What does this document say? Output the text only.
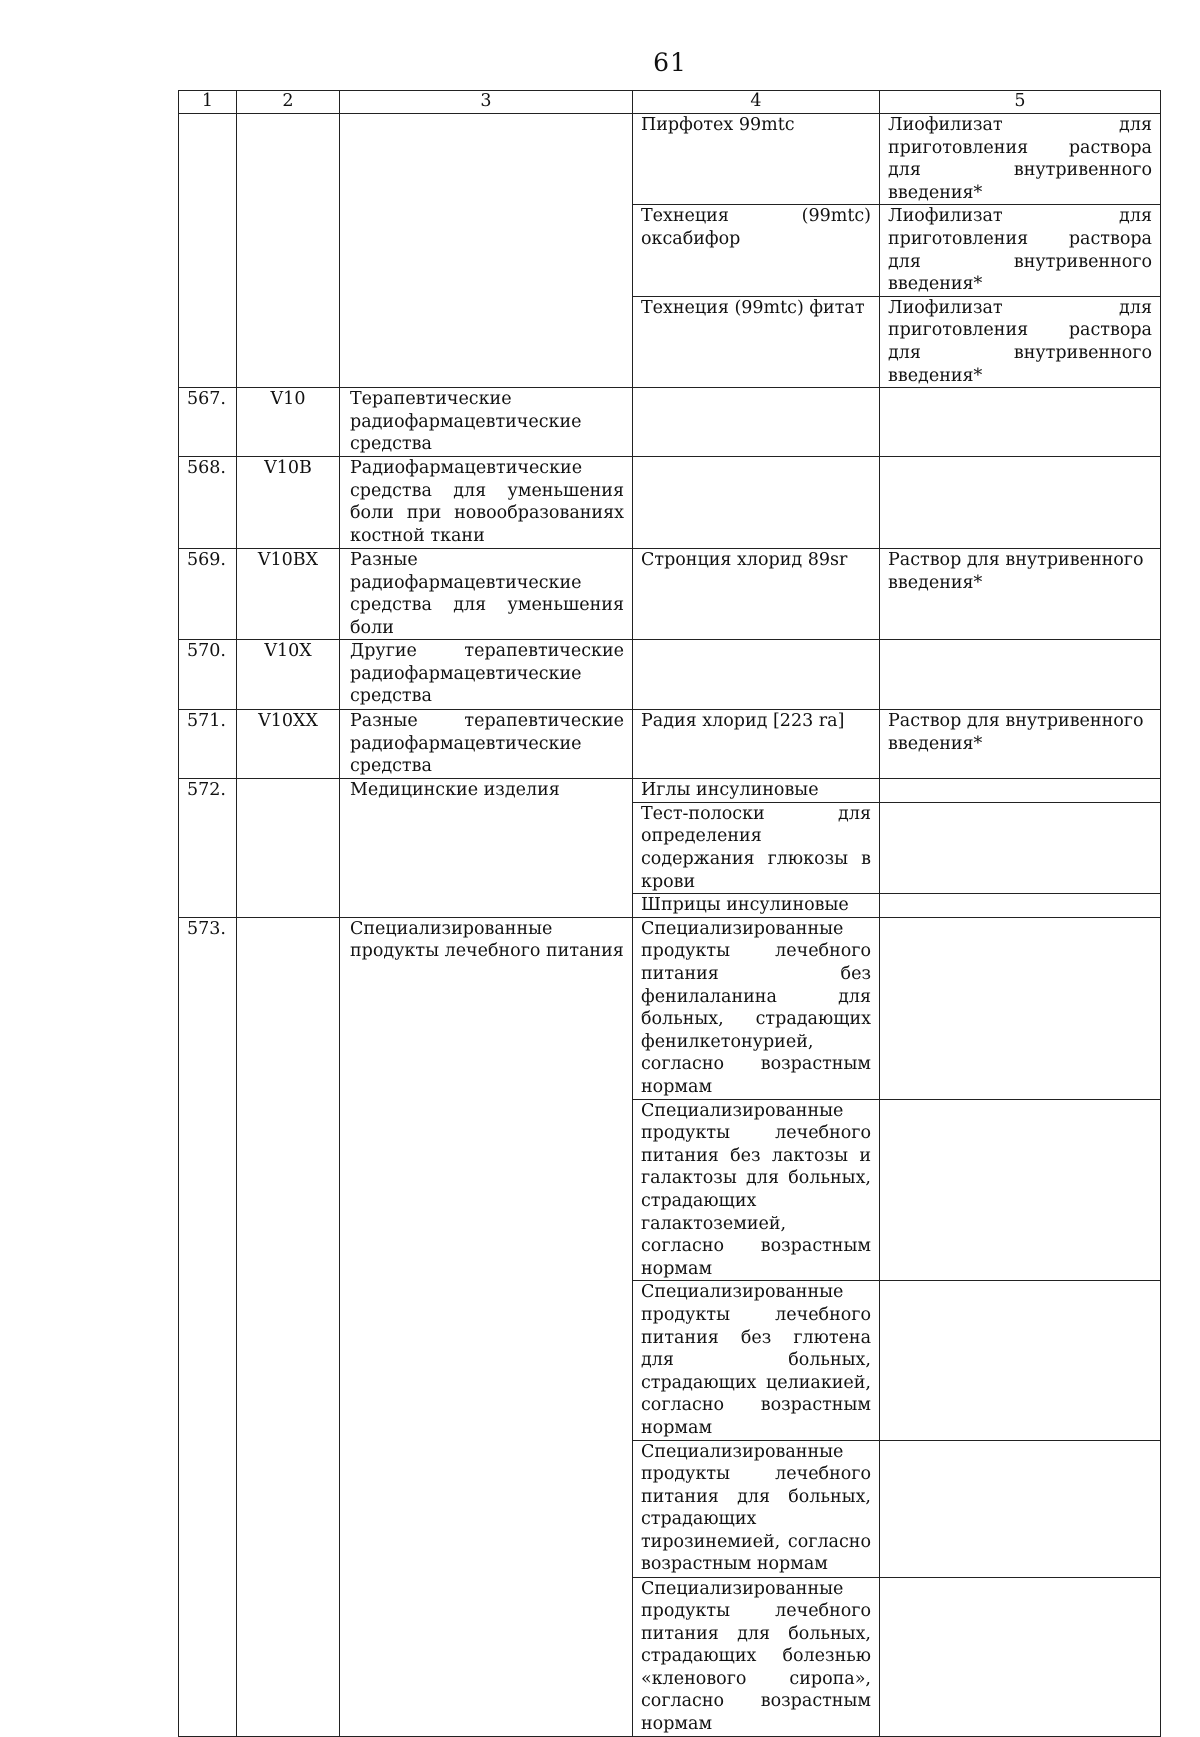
61
1	2	3	4	5
			Пирфотех 99mtc	Лиофилизат для приготовления раствора для внутривенного введения*
			Технеция (99mtc) оксабифор	Лиофилизат для приготовления раствора для внутривенного введения*
			Технеция (99mtc) фитат	Лиофилизат для приготовления раствора для внутривенного введения*
567.	V10	Терапевтические радиофармацевтические средства		
568.	V10B	Радиофармацевтические средства для уменьшения боли при новообразованиях костной ткани		
569.	V10BX	Разные радиофармацевтические средства для уменьшения боли	Стронция хлорид 89sr	Раствор для внутривенного введения*
570.	V10X	Другие терапевтические радиофармацевтические средства		
571.	V10XX	Разные терапевтические радиофармацевтические средства	Радия хлорид [223 ra]	Раствор для внутривенного введения*
572.		Медицинские изделия	Иглы инсулиновые	
			Тест-полоски для определения содержания глюкозы в крови	
			Шприцы инсулиновые	
573.		Специализированные продукты лечебного питания	Специализированные продукты лечебного питания без фенилаланина для больных, страдающих фенилкетонурией, согласно возрастным нормам	
			Специализированные продукты лечебного питания без лактозы и галактозы для больных, страдающих галактоземией, согласно возрастным нормам	
			Специализированные продукты лечебного питания без глютена для больных, страдающих целиакией, согласно возрастным нормам	
			Специализированные продукты лечебного питания для больных, страдающих тирозинемией, согласно возрастным нормам	
			Специализированные продукты лечебного питания для больных, страдающих болезнью «кленового сиропа», согласно возрастным нормам	
